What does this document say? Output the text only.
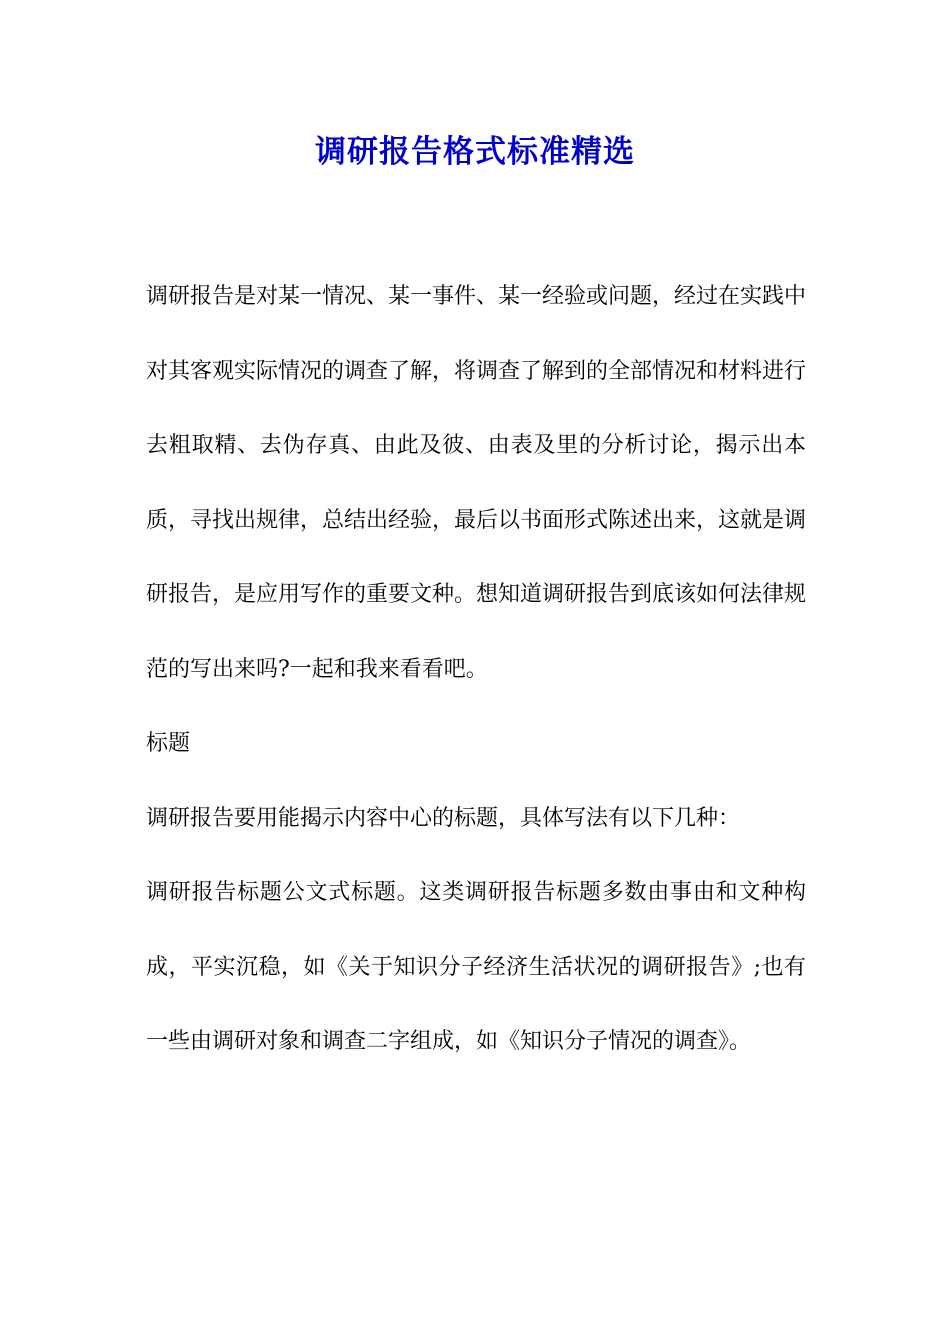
调研报告格式标准精选

调研报告是对某一情况、某一事件、某一经验或问题，经过在实践中对其客观实际情况的调查了解，将调查了解到的全部情况和材料进行去粗取精、去伪存真、由此及彼、由表及里的分析讨论，揭示出本质，寻找出规律，总结出经验，最后以书面形式陈述出来，这就是调研报告，是应用写作的重要文种。想知道调研报告到底该如何法律规范的写出来吗?一起和我来看看吧。

标题

调研报告要用能揭示内容中心的标题，具体写法有以下几种：

调研报告标题公文式标题。这类调研报告标题多数由事由和文种构成，平实沉稳，如《关于知识分子经济生活状况的调研报告》;也有一些由调研对象和调查二字组成，如《知识分子情况的调查》。
